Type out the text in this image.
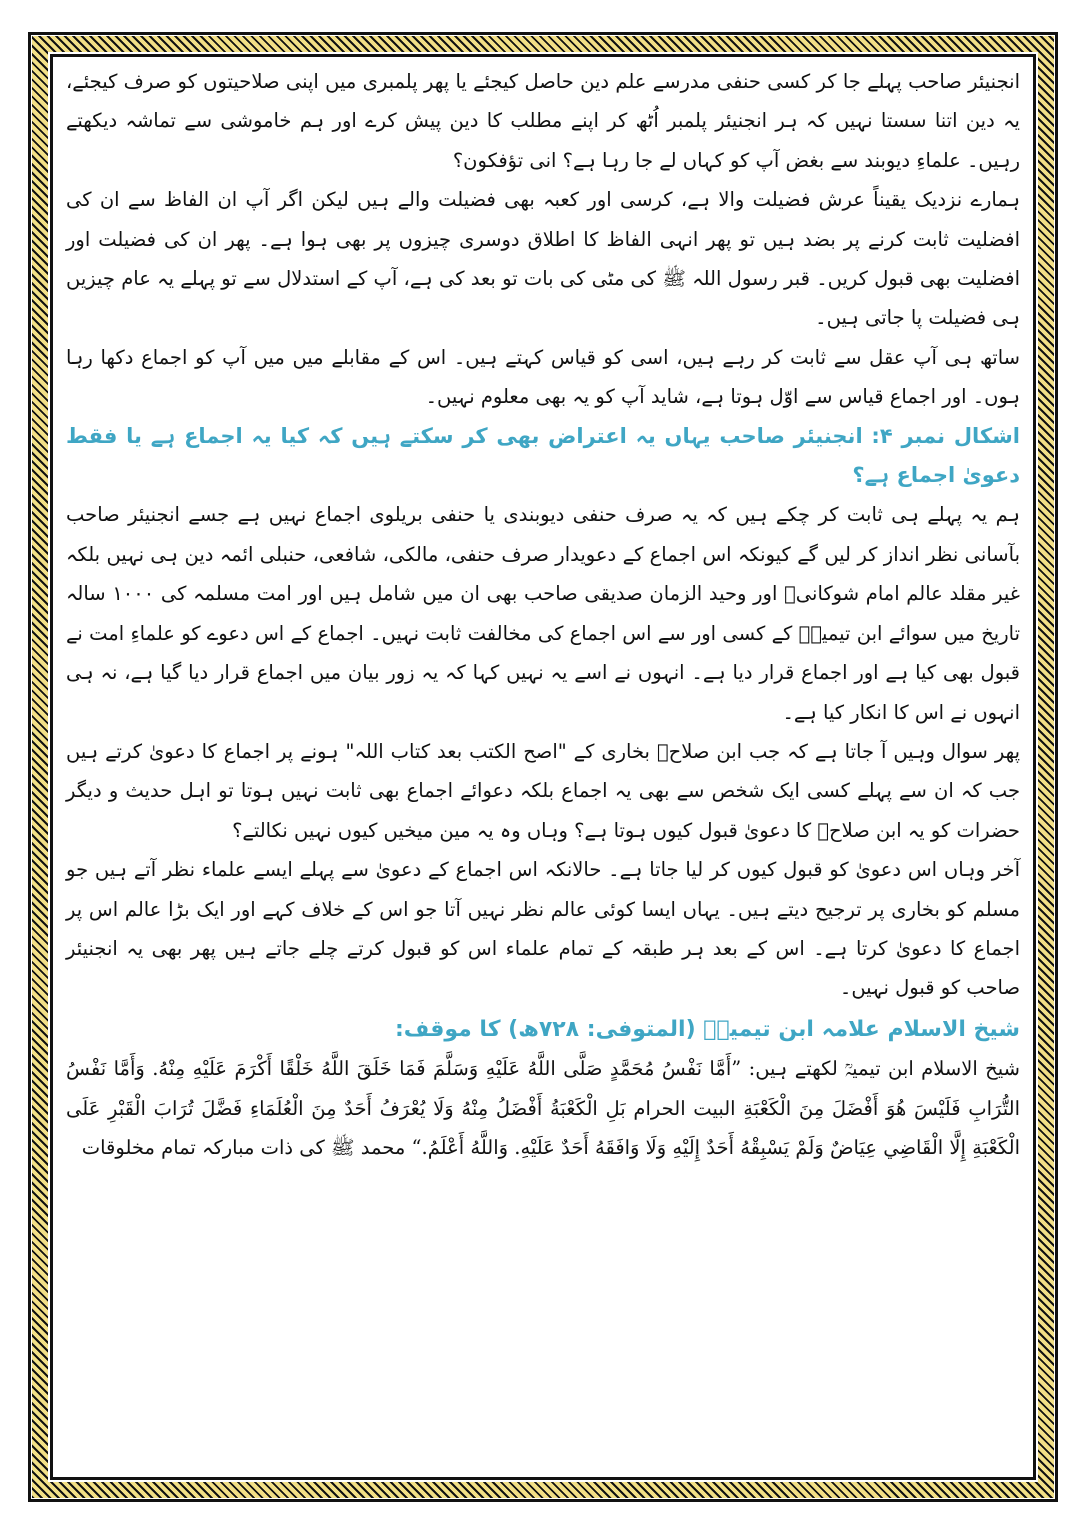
انجنیئر صاحب پہلے جا کر کسی حنفی مدرسے علم دین حاصل کیجئے یا پھر پلمبری میں اپنی صلاحیتوں کو صرف کیجئے، یہ دین اتنا سستا نہیں کہ ہر انجنیئر پلمبر اُٹھ کر اپنے مطلب کا دین پیش کرے اور ہم خاموشی سے تماشہ دیکھتے رہیں۔ علماءِ دیوبند سے بغض آپ کو کہاں لے جا رہا ہے؟ انی تؤفکون؟

ہمارے نزدیک یقیناً عرش فضیلت والا ہے، کرسی اور کعبہ بھی فضیلت والے ہیں لیکن اگر آپ ان الفاظ سے ان کی افضلیت ثابت کرنے پر بضد ہیں تو پھر انہی الفاظ کا اطلاق دوسری چیزوں پر بھی ہوا ہے۔ پھر ان کی فضیلت اور افضلیت بھی قبول کریں۔ قبر رسول اللہ ﷺ کی مٹی کی بات تو بعد کی ہے، آپ کے استدلال سے تو پہلے یہ عام چیزیں ہی فضیلت پا جاتی ہیں۔

ساتھ ہی آپ عقل سے ثابت کر رہے ہیں، اسی کو قیاس کہتے ہیں۔ اس کے مقابلے میں میں آپ کو اجماع دکھا رہا ہوں۔ اور اجماع قیاس سے اوّل ہوتا ہے، شاید آپ کو یہ بھی معلوم نہیں۔

اشکال نمبر ۴: انجنیئر صاحب یہاں یہ اعتراض بھی کر سکتے ہیں کہ کیا یہ اجماع ہے یا فقط دعویٰ اجماع ہے؟

ہم یہ پہلے ہی ثابت کر چکے ہیں کہ یہ صرف حنفی دیوبندی یا حنفی بریلوی اجماع نہیں ہے جسے انجنیئر صاحب بآسانی نظر انداز کر لیں گے کیونکہ اس اجماع کے دعویدار صرف حنفی، مالکی، شافعی، حنبلی ائمہ دین ہی نہیں بلکہ غیر مقلد عالم امام شوکانیؒ اور وحید الزمان صدیقی صاحب بھی ان میں شامل ہیں اور امت مسلمہ کی ۱۰۰۰ سالہ تاریخ میں سوائے ابن تیمیہؒ کے کسی اور سے اس اجماع کی مخالفت ثابت نہیں۔ اجماع کے اس دعوے کو علماءِ امت نے قبول بھی کیا ہے اور اجماع قرار دیا ہے۔ انہوں نے اسے یہ نہیں کہا کہ یہ زور بیان میں اجماع قرار دیا گیا ہے، نہ ہی انہوں نے اس کا انکار کیا ہے۔

پھر سوال وہیں آ جاتا ہے کہ جب ابن صلاحؒ بخاری کے "اصح الکتب بعد کتاب اللہ" ہونے پر اجماع کا دعویٰ کرتے ہیں جب کہ ان سے پہلے کسی ایک شخص سے بھی یہ اجماع بلکہ دعوائے اجماع بھی ثابت نہیں ہوتا تو اہل حدیث و دیگر حضرات کو یہ ابن صلاحؒ کا دعویٰ قبول کیوں ہوتا ہے؟ وہاں وہ یہ مین میخیں کیوں نہیں نکالتے؟

آخر وہاں اس دعویٰ کو قبول کیوں کر لیا جاتا ہے۔ حالانکہ اس اجماع کے دعویٰ سے پہلے ایسے علماء نظر آتے ہیں جو مسلم کو بخاری پر ترجیح دیتے ہیں۔ یہاں ایسا کوئی عالم نظر نہیں آتا جو اس کے خلاف کہے اور ایک بڑا عالم اس پر اجماع کا دعویٰ کرتا ہے۔ اس کے بعد ہر طبقہ کے تمام علماء اس کو قبول کرتے چلے جاتے ہیں پھر بھی یہ انجنیئر صاحب کو قبول نہیں۔

شیخ الاسلام علامہ ابن تیمیہؒ (المتوفی: ۷۲۸ھ) کا موقف:

شیخ الاسلام ابن تیمیہؒ لکھتے ہیں: ”أَمَّا نَفْسُ مُحَمَّدٍ صَلَّى اللَّهُ عَلَيْهِ وَسَلَّمَ فَمَا خَلَقَ اللَّهُ خَلْقًا أَكْرَمَ عَلَيْهِ مِنْهُ. وَأَمَّا نَفْسُ التُّرَابِ فَلَيْسَ هُوَ أَفْضَلَ مِنَ الْكَعْبَةِ البيت الحرام بَلِ الْكَعْبَةُ أَفْضَلُ مِنْهُ وَلَا يُعْرَفُ أَحَدٌ مِنَ الْعُلَمَاءِ فَضَّلَ تُرَابَ الْقَبْرِ عَلَى الْكَعْبَةِ إِلَّا الْقَاضِي عِيَاضٌ وَلَمْ يَسْبِقْهُ أَحَدٌ إِلَيْهِ وَلَا وَافَقَهُ أَحَدٌ عَلَيْهِ. وَاللَّهُ أَعْلَمُ.“ محمد ﷺ کی ذات مبارکہ تمام مخلوقات
